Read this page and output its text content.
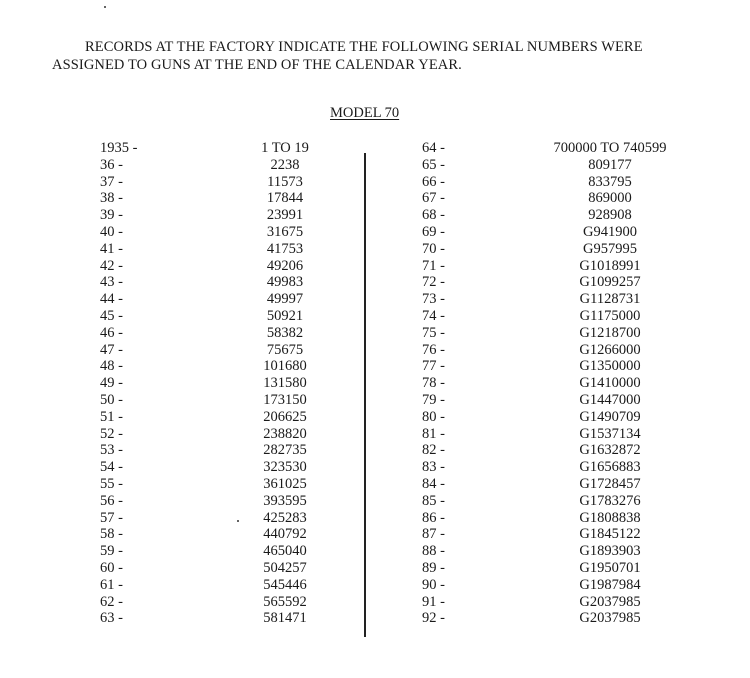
RECORDS AT THE FACTORY INDICATE THE FOLLOWING SERIAL NUMBERS WERE
ASSIGNED TO GUNS AT THE END OF THE CALENDAR YEAR.
MODEL 70
1935 -
36 -
37 -
38 -
39 -
40 -
41 -
42 -
43 -
44 -
45 -
46 -
47 -
48 -
49 -
50 -
51 -
52 -
53 -
54 -
55 -
56 -
57 -
58 -
59 -
60 -
61 -
62 -
63 -
1 TO 19
2238
11573
17844
23991
31675
41753
49206
49983
49997
50921
58382
75675
101680
131580
173150
206625
238820
282735
323530
361025
393595
425283
440792
465040
504257
545446
565592
581471
64 -
65 -
66 -
67 -
68 -
69 -
70 -
71 -
72 -
73 -
74 -
75 -
76 -
77 -
78 -
79 -
80 -
81 -
82 -
83 -
84 -
85 -
86 -
87 -
88 -
89 -
90 -
91 -
92 -
700000 TO 740599
809177
833795
869000
928908
G941900
G957995
G1018991
G1099257
G1128731
G1175000
G1218700
G1266000
G1350000
G1410000
G1447000
G1490709
G1537134
G1632872
G1656883
G1728457
G1783276
G1808838
G1845122
G1893903
G1950701
G1987984
G2037985
G2037985
